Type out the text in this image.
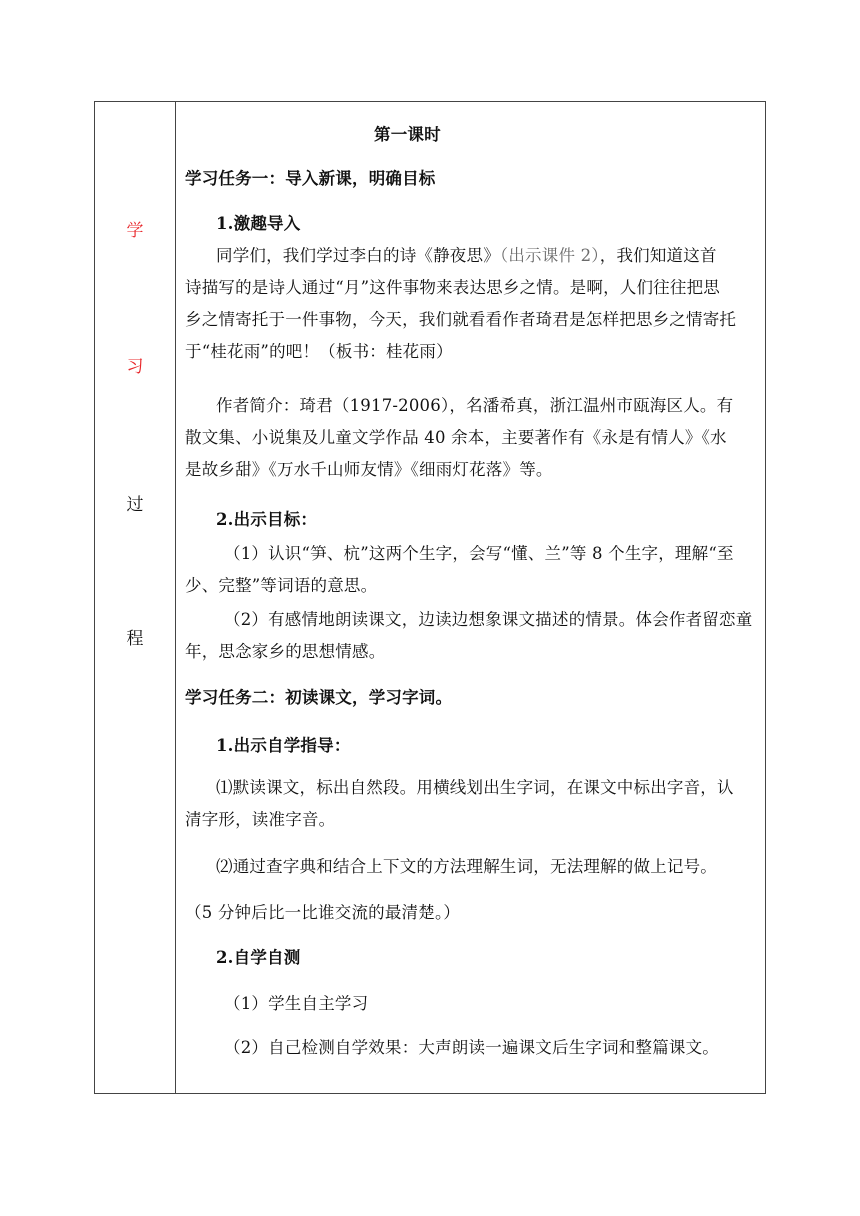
学
习
过
程
第一课时
学习任务一：导入新课，明确目标
1.激趣导入
同学们，我们学过李白的诗《静夜思》（出示课件 2），我们知道这首
诗描写的是诗人通过“月”这件事物来表达思乡之情。是啊，人们往往把思
乡之情寄托于一件事物，今天，我们就看看作者琦君是怎样把思乡之情寄托
于“桂花雨”的吧！（板书：桂花雨）
作者简介：琦君（1917-2006），名潘希真，浙江温州市瓯海区人。有
散文集、小说集及儿童文学作品 40 余本，主要著作有《永是有情人》《水
是故乡甜》《万水千山师友情》《细雨灯花落》等。
2.出示目标：
（1）认识“笋、杭”这两个生字，会写“懂、兰”等 8 个生字，理解“至
少、完整”等词语的意思。
（2）有感情地朗读课文，边读边想象课文描述的情景。体会作者留恋童
年，思念家乡的思想情感。
学习任务二：初读课文，学习字词。
1.出示自学指导：
⑴默读课文，标出自然段。用横线划出生字词，在课文中标出字音，认
清字形，读准字音。
⑵通过查字典和结合上下文的方法理解生词，无法理解的做上记号。
（5 分钟后比一比谁交流的最清楚。）
2.自学自测
（1）学生自主学习
（2）自己检测自学效果：大声朗读一遍课文后生字词和整篇课文。
